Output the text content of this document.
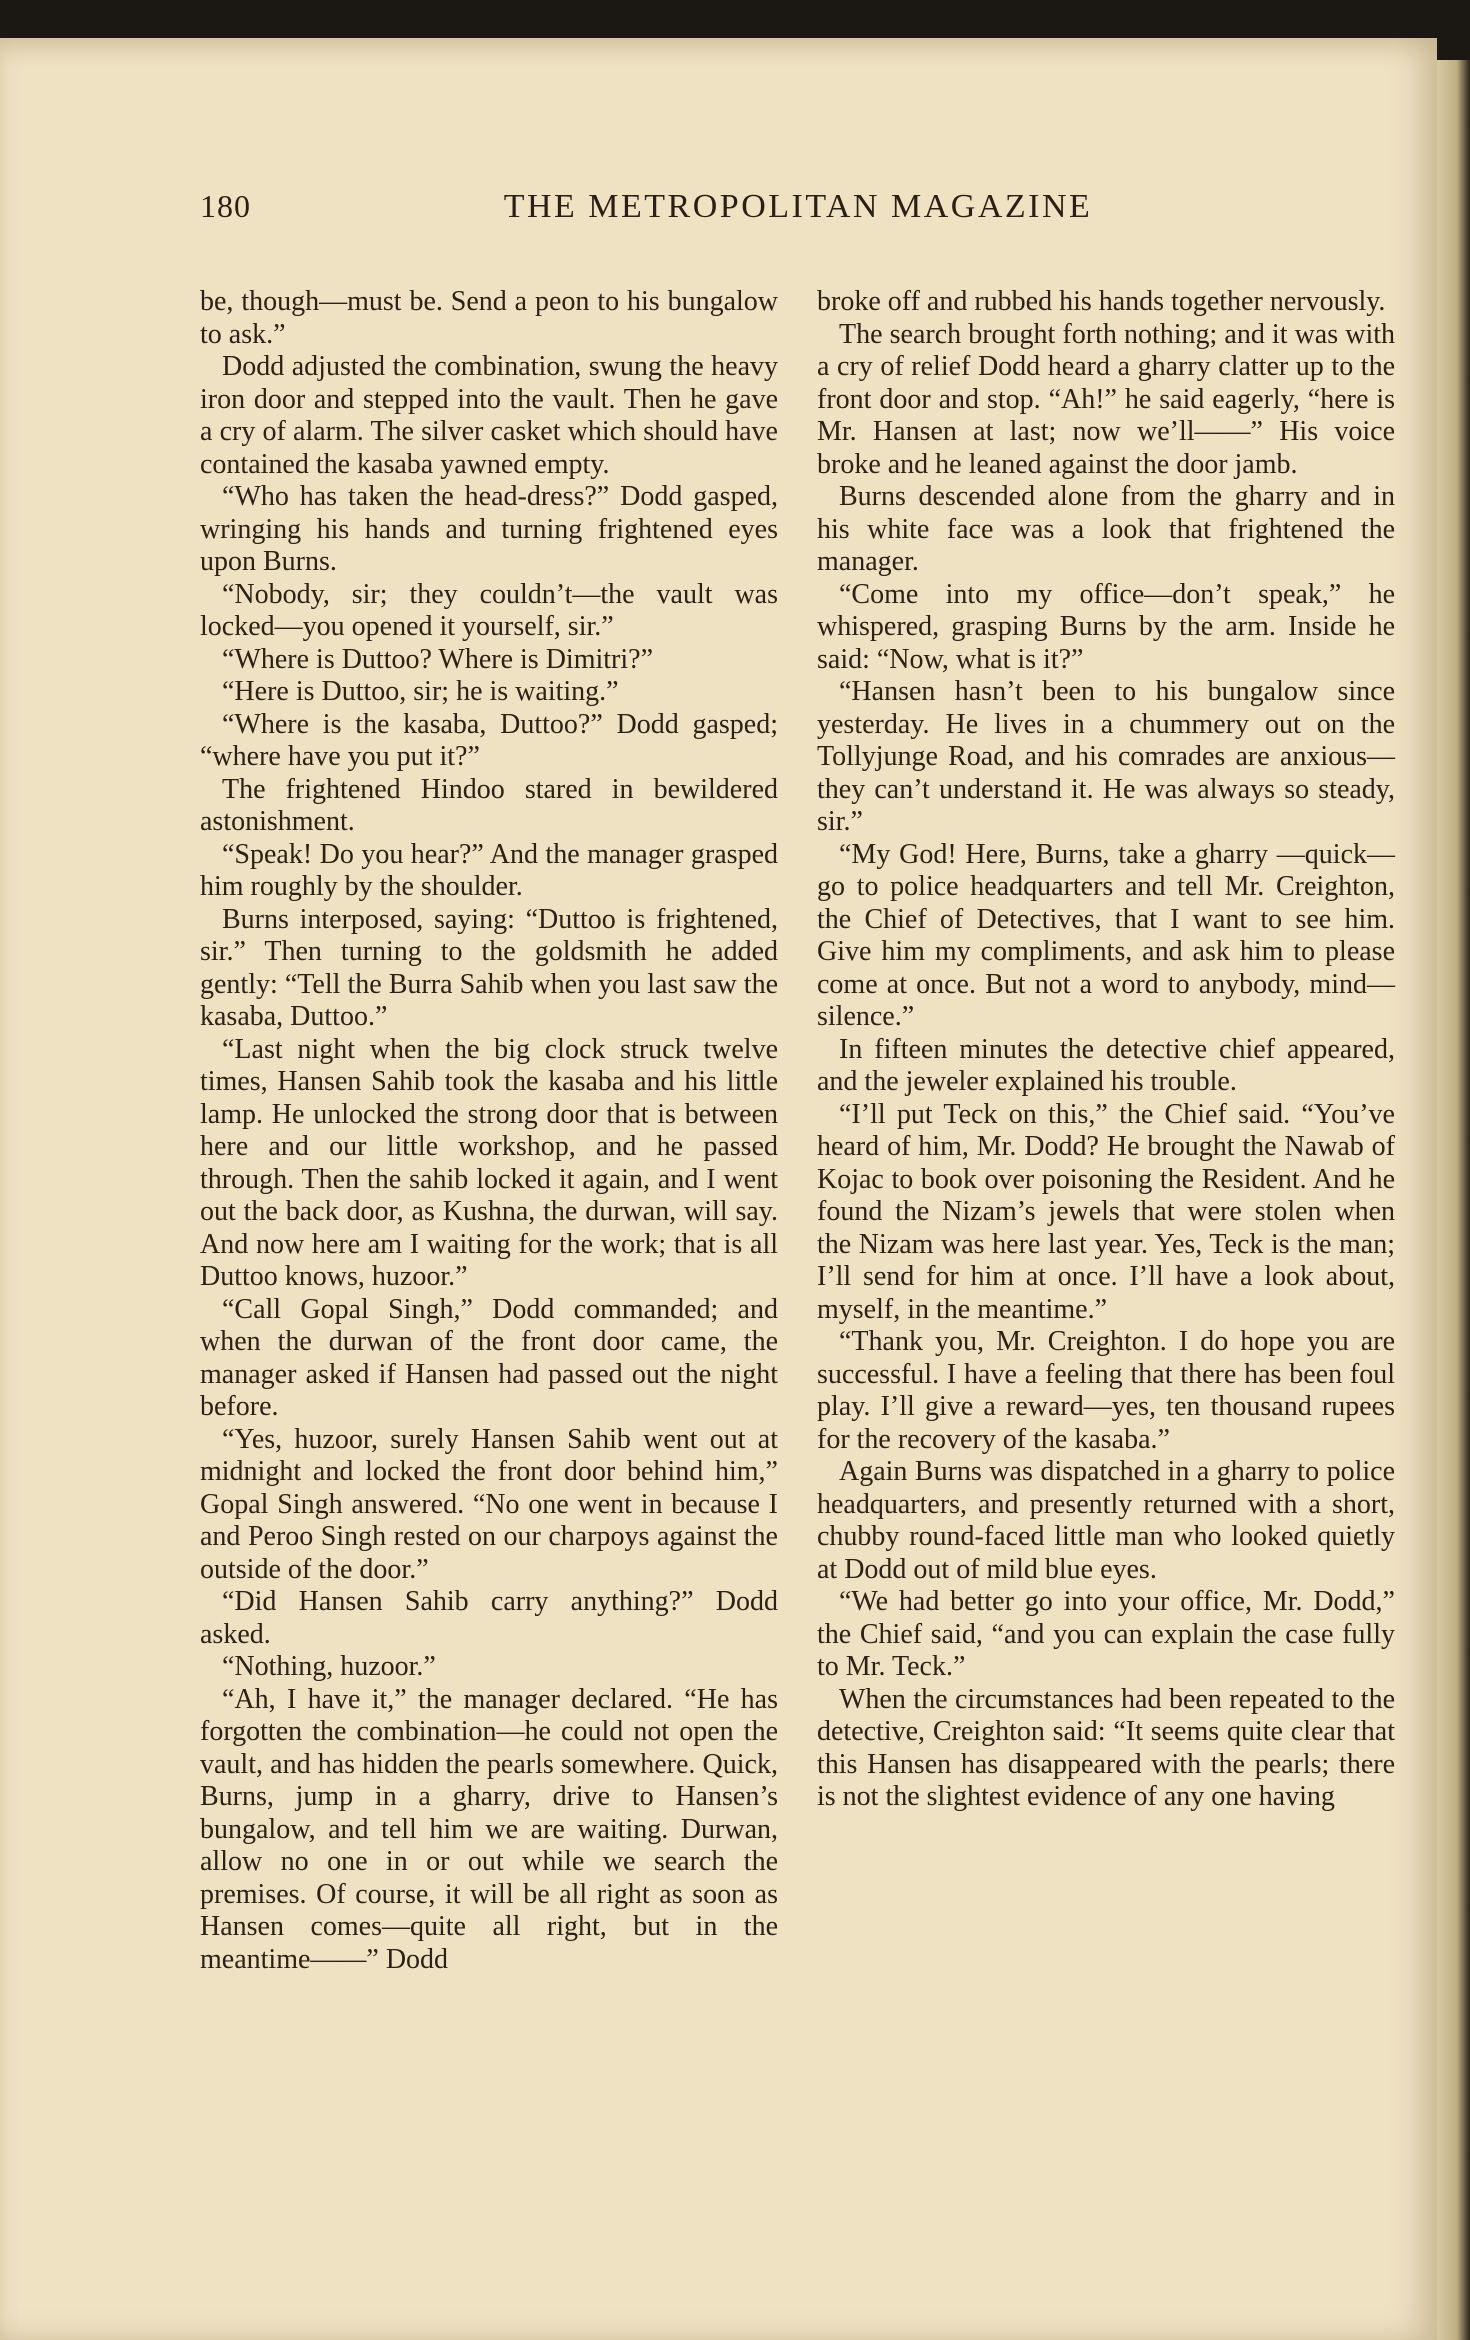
180	THE METROPOLITAN MAGAZINE

be, though—must be. Send a peon to his bungalow to ask.”

Dodd adjusted the combination, swung the heavy iron door and stepped into the vault. Then he gave a cry of alarm. The silver casket which should have contained the kasaba yawned empty.

“Who has taken the head-dress?” Dodd gasped, wringing his hands and turning frightened eyes upon Burns.

“Nobody, sir; they couldn’t—the vault was locked—you opened it yourself, sir.”

“Where is Duttoo? Where is Dimitri?”

“Here is Duttoo, sir; he is waiting.”

“Where is the kasaba, Duttoo?” Dodd gasped; “where have you put it?”

The frightened Hindoo stared in bewildered astonishment.

“Speak! Do you hear?” And the manager grasped him roughly by the shoulder.

Burns interposed, saying: “Duttoo is frightened, sir.” Then turning to the goldsmith he added gently: “Tell the Burra Sahib when you last saw the kasaba, Duttoo.”

“Last night when the big clock struck twelve times, Hansen Sahib took the kasaba and his little lamp. He unlocked the strong door that is between here and our little workshop, and he passed through. Then the sahib locked it again, and I went out the back door, as Kushna, the durwan, will say. And now here am I waiting for the work; that is all Duttoo knows, huzoor.”

“Call Gopal Singh,” Dodd commanded; and when the durwan of the front door came, the manager asked if Hansen had passed out the night before.

“Yes, huzoor, surely Hansen Sahib went out at midnight and locked the front door behind him,” Gopal Singh answered. “No one went in because I and Peroo Singh rested on our charpoys against the outside of the door.”

“Did Hansen Sahib carry anything?” Dodd asked.

“Nothing, huzoor.”

“Ah, I have it,” the manager declared. “He has forgotten the combination—he could not open the vault, and has hidden the pearls somewhere. Quick, Burns, jump in a gharry, drive to Hansen’s bungalow, and tell him we are waiting. Durwan, allow no one in or out while we search the premises. Of course, it will be all right as soon as Hansen comes—quite all right, but in the meantime——” Dodd

broke off and rubbed his hands together nervously.

The search brought forth nothing; and it was with a cry of relief Dodd heard a gharry clatter up to the front door and stop. “Ah!” he said eagerly, “here is Mr. Hansen at last; now we’ll——” His voice broke and he leaned against the door jamb.

Burns descended alone from the gharry and in his white face was a look that frightened the manager.

“Come into my office—don’t speak,” he whispered, grasping Burns by the arm. Inside he said: “Now, what is it?”

“Hansen hasn’t been to his bungalow since yesterday. He lives in a chummery out on the Tollyjunge Road, and his comrades are anxious—they can’t understand it. He was always so steady, sir.”

“My God! Here, Burns, take a gharry —quick—go to police headquarters and tell Mr. Creighton, the Chief of Detectives, that I want to see him. Give him my compliments, and ask him to please come at once. But not a word to anybody, mind—silence.”

In fifteen minutes the detective chief appeared, and the jeweler explained his trouble.

“I’ll put Teck on this,” the Chief said. “You’ve heard of him, Mr. Dodd? He brought the Nawab of Kojac to book over poisoning the Resident. And he found the Nizam’s jewels that were stolen when the Nizam was here last year. Yes, Teck is the man; I’ll send for him at once. I’ll have a look about, myself, in the meantime.”

“Thank you, Mr. Creighton. I do hope you are successful. I have a feeling that there has been foul play. I’ll give a reward—yes, ten thousand rupees for the recovery of the kasaba.”

Again Burns was dispatched in a gharry to police headquarters, and presently returned with a short, chubby round-faced little man who looked quietly at Dodd out of mild blue eyes.

“We had better go into your office, Mr. Dodd,” the Chief said, “and you can explain the case fully to Mr. Teck.”

When the circumstances had been repeated to the detective, Creighton said: “It seems quite clear that this Hansen has disappeared with the pearls; there is not the slightest evidence of any one having
